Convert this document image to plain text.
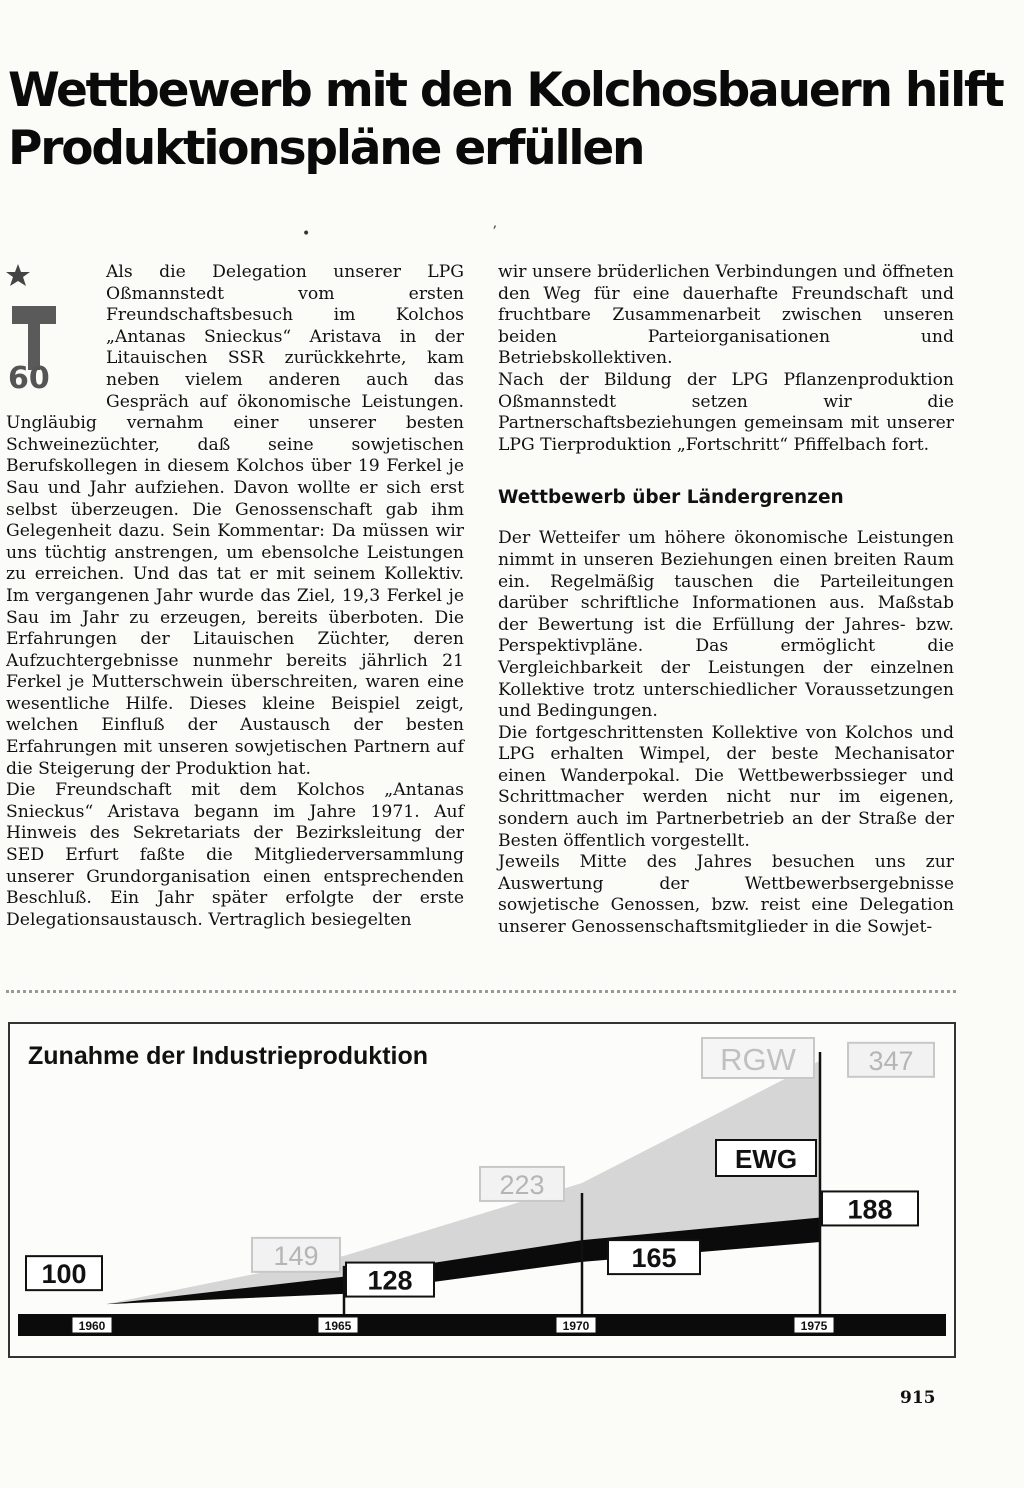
Wettbewerb mit den Kolchosbauern hilft Produktionspläne erfüllen
•	ʼ
60

Als die Delegation unserer LPG Oßmannstedt vom ersten Freundschaftsbesuch im Kolchos „Antanas Snieckus“ Aristava in der Litauischen SSR zurückkehrte, kam neben vielem anderen auch das Gespräch auf ökonomische Leistungen. Ungläubig vernahm einer unserer besten Schweinezüchter, daß seine sowjetischen Berufskollegen in diesem Kolchos über 19 Ferkel je Sau und Jahr aufziehen. Davon wollte er sich erst selbst überzeugen. Die Genossenschaft gab ihm Gelegenheit dazu. Sein Kommentar: Da müssen wir uns tüchtig anstrengen, um ebensolche Leistungen zu erreichen. Und das tat er mit seinem Kollektiv. Im vergangenen Jahr wurde das Ziel, 19,3 Ferkel je Sau im Jahr zu erzeugen, bereits überboten. Die Erfahrungen der Litauischen Züchter, deren Aufzuchtergebnisse nunmehr bereits jährlich 21 Ferkel je Mutterschwein überschreiten, waren eine wesentliche Hilfe. Dieses kleine Beispiel zeigt, welchen Einfluß der Austausch der besten Erfahrungen mit unseren sowjetischen Partnern auf die Steigerung der Produktion hat.

Die Freundschaft mit dem Kolchos „Antanas Snieckus“ Aristava begann im Jahre 1971. Auf Hinweis des Sekretariats der Bezirksleitung der SED Erfurt faßte die Mitgliederversammlung unserer Grundorganisation einen entsprechenden Beschluß. Ein Jahr später erfolgte der erste Delegationsaustausch. Vertraglich besiegelten

wir unsere brüderlichen Verbindungen und öffneten den Weg für eine dauerhafte Freundschaft und fruchtbare Zusammenarbeit zwischen unseren beiden Parteiorganisationen und Betriebskollektiven.

Nach der Bildung der LPG Pflanzenproduktion Oßmannstedt setzen wir die Partnerschaftsbeziehungen gemeinsam mit unserer LPG Tierproduktion „Fortschritt“ Pfiffelbach fort.

Wettbewerb über Ländergrenzen

Der Wetteifer um höhere ökonomische Leistungen nimmt in unseren Beziehungen einen breiten Raum ein. Regelmäßig tauschen die Parteileitungen darüber schriftliche Informationen aus. Maßstab der Bewertung ist die Erfüllung der Jahres- bzw. Perspektivpläne. Das ermöglicht die Vergleichbarkeit der Leistungen der einzelnen Kollektive trotz unterschiedlicher Voraussetzungen und Bedingungen.

Die fortgeschrittensten Kollektive von Kolchos und LPG erhalten Wimpel, der beste Mechanisator einen Wanderpokal. Die Wettbewerbssieger und Schrittmacher werden nicht nur im eigenen, sondern auch im Partnerbetrieb an der Straße der Besten öffentlich vorgestellt.

Jeweils Mitte des Jahres besuchen uns zur Auswertung der Wettbewerbsergebnisse sowjetische Genossen, bzw. reist eine Delegation unserer Genossenschaftsmitglieder in die Sowjet-

Zunahme der Industrieproduktion
1960	1965	1970	1975
100	128
165
188
149
223
347
RGW
EWG
915
